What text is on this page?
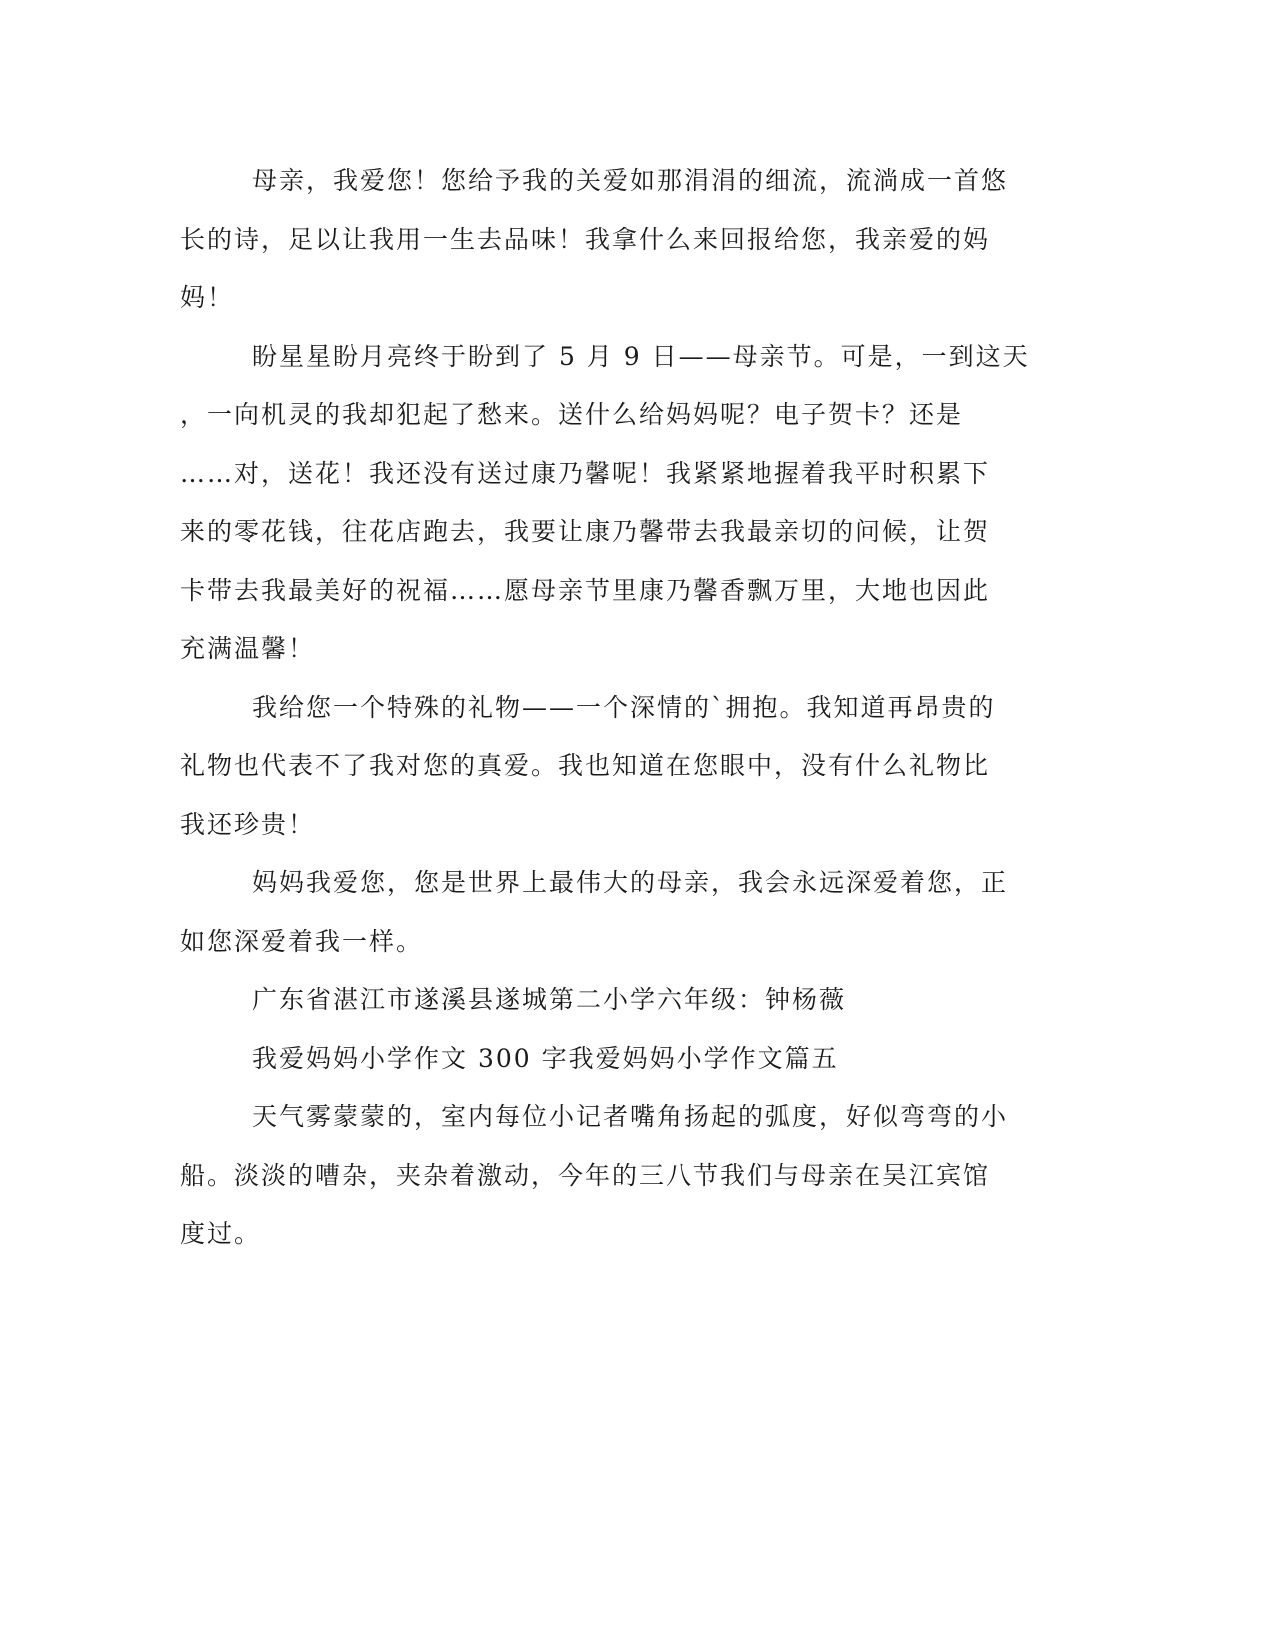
母亲，我爱您！您给予我的关爱如那涓涓的细流，流淌成一首悠
长的诗，足以让我用一生去品味！我拿什么来回报给您，我亲爱的妈
妈！
盼星星盼月亮终于盼到了 5 月 9 日——母亲节。可是，一到这天
，一向机灵的我却犯起了愁来。送什么给妈妈呢？电子贺卡？还是
……对，送花！我还没有送过康乃馨呢！我紧紧地握着我平时积累下
来的零花钱，往花店跑去，我要让康乃馨带去我最亲切的问候，让贺
卡带去我最美好的祝福……愿母亲节里康乃馨香飘万里，大地也因此
充满温馨！
我给您一个特殊的礼物——一个深情的`拥抱。我知道再昂贵的
礼物也代表不了我对您的真爱。我也知道在您眼中，没有什么礼物比
我还珍贵！
妈妈我爱您，您是世界上最伟大的母亲，我会永远深爱着您，正
如您深爱着我一样。
广东省湛江市遂溪县遂城第二小学六年级：钟杨薇
我爱妈妈小学作文 300 字我爱妈妈小学作文篇五
天气雾蒙蒙的，室内每位小记者嘴角扬起的弧度，好似弯弯的小
船。淡淡的嘈杂，夹杂着激动，今年的三八节我们与母亲在吴江宾馆
度过。
